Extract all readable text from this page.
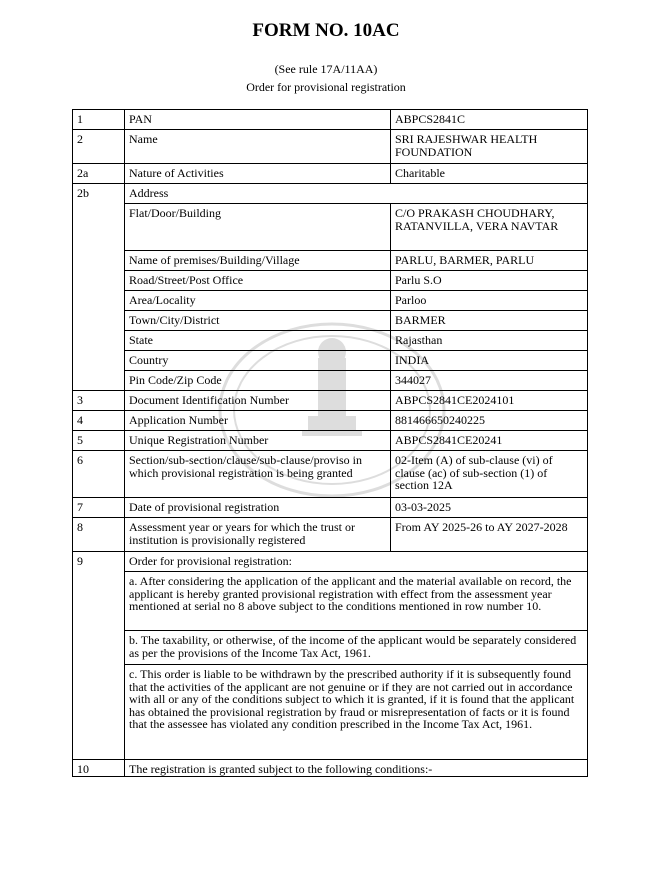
FORM NO. 10AC
(See rule 17A/11AA)
Order for provisional registration
1	PAN	ABPCS2841C
2	Name	SRI RAJESHWAR HEALTH FOUNDATION
2a	Nature of Activities	Charitable
2b	Address	
	Flat/Door/Building	C/O PRAKASH CHOUDHARY, RATANVILLA, VERA NAVTAR
	Name of premises/Building/Village	PARLU, BARMER, PARLU
	Road/Street/Post Office	Parlu S.O
	Area/Locality	Parloo
	Town/City/District	BARMER
	State	Rajasthan
	Country	INDIA
	Pin Code/Zip Code	344027
3	Document Identification Number	ABPCS2841CE2024101
4	Application Number	881466650240225
5	Unique Registration Number	ABPCS2841CE20241
6	Section/sub-section/clause/sub-clause/proviso in which provisional registration is being granted	02-Item (A) of sub-clause (vi) of clause (ac) of sub-section (1) of section 12A
7	Date of provisional registration	03-03-2025
8	Assessment year or years for which the trust or institution is provisionally registered	From AY 2025-26 to AY 2027-2028
9	Order for provisional registration:	
	a. After considering the application of the applicant and the material available on record, the applicant is hereby granted provisional registration with effect from the assessment year mentioned at serial no 8 above subject to the conditions mentioned in row number 10.	
	b. The taxability, or otherwise, of the income of the applicant would be separately considered as per the provisions of the Income Tax Act, 1961.	
	c. This order is liable to be withdrawn by the prescribed authority if it is subsequently found that the activities of the applicant are not genuine or if they are not carried out in accordance with all or any of the conditions subject to which it is granted, if it is found that the applicant has obtained the provisional registration by fraud or misrepresentation of facts or it is found that the assessee has violated any condition prescribed in the Income Tax Act, 1961.	
10	The registration is granted subject to the following conditions:-	
